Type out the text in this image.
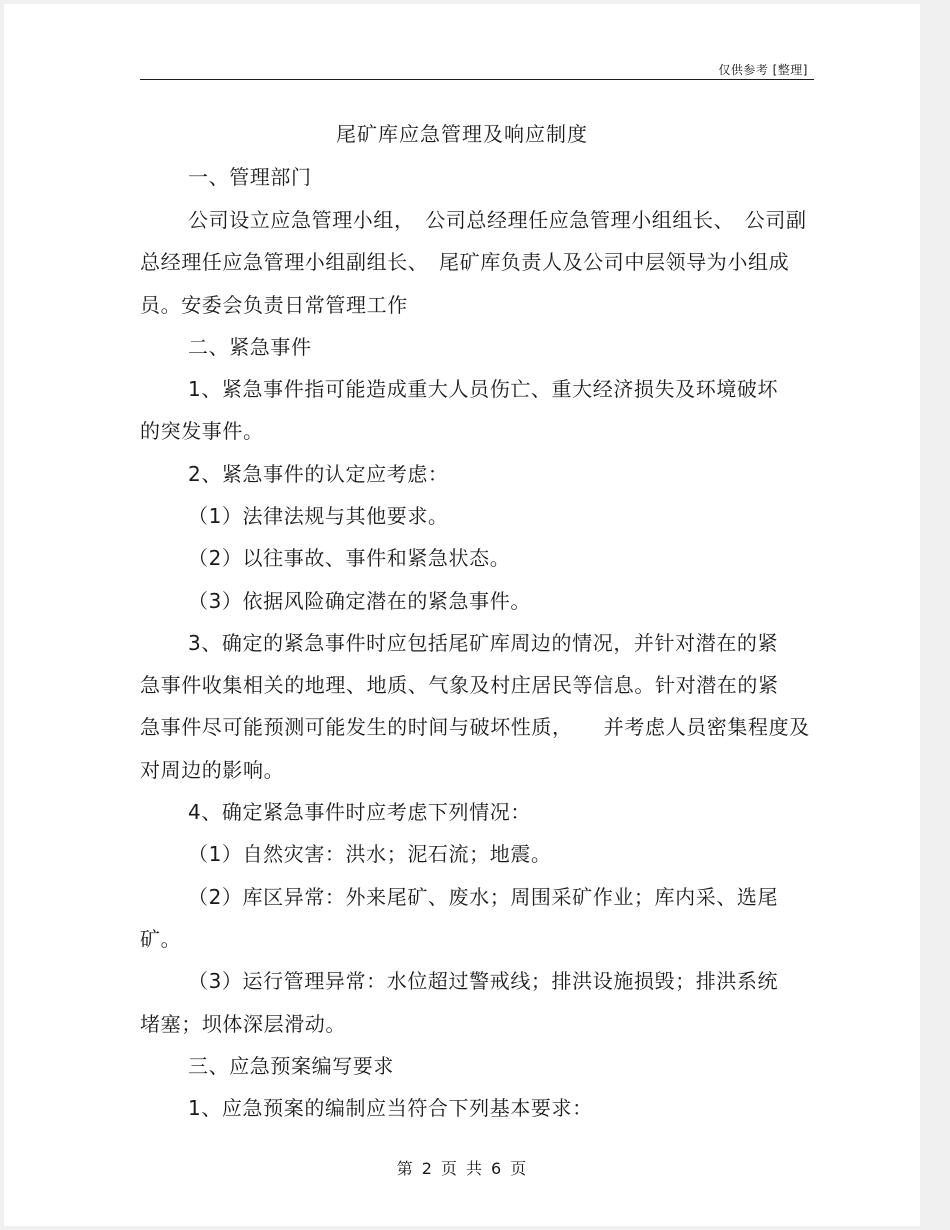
仅供参考 [整理]
尾矿库应急管理及响应制度
一、管理部门
公司设立应急管理小组，　公司总经理任应急管理小组组长、　公司副
总经理任应急管理小组副组长、　尾矿库负责人及公司中层领导为小组成
员。安委会负责日常管理工作
二、紧急事件
1、紧急事件指可能造成重大人员伤亡、重大经济损失及环境破坏
的突发事件。
2、紧急事件的认定应考虑：
（1）法律法规与其他要求。
（2）以往事故、事件和紧急状态。
（3）依据风险确定潜在的紧急事件。
3、确定的紧急事件时应包括尾矿库周边的情况，并针对潜在的紧
急事件收集相关的地理、地质、气象及村庄居民等信息。针对潜在的紧
急事件尽可能预测可能发生的时间与破坏性质，　　并考虑人员密集程度及
对周边的影响。
4、确定紧急事件时应考虑下列情况：
（1）自然灾害：洪水；泥石流；地震。
（2）库区异常：外来尾矿、废水；周围采矿作业；库内采、选尾
矿。
（3）运行管理异常：水位超过警戒线；排洪设施损毁；排洪系统
堵塞；坝体深层滑动。
三、应急预案编写要求
1、应急预案的编制应当符合下列基本要求：
第 2 页 共 6 页
